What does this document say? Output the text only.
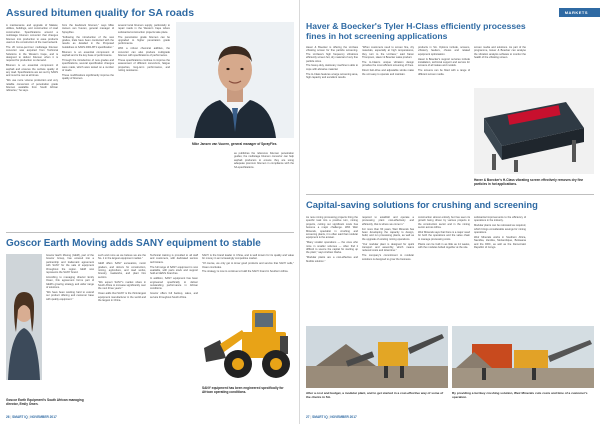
Assured bitumen quality for SA roads

A maintenance and upgrade of Malawi, utilities, buildings, and construction of road construction. Specifications around a multistage bitumen convertor that changes bitumen into production to ease products used on the construction of the road network.

The 20 tonne-per-hour multistage bitumen convertor was acquired from Technical Solutions in the Western Cape, and is designed to deliver bitumen when it is required for production on demand.

Bitumen is an essential component of asphalt and ensures the surface quality of any road. Specifications are set out by SANS and must be met at all times.

"We use more volume production and very reliable conversion of penetration grade bitumen available from South African refineries," he says.

from the feedstock bitumen," says Mike Jansen van Vuuren, general manager of SprayFlex.

"Following the introduction of the new grades, trials have been conducted with the results as detailed in the Proposed Guidelines to SANS 4001-BT1 specification."

Bitumen is an essential component of asphalt and is the key base of performance.

Through the introduction of new grades and specifications, several specification changes were made, which were tested on a number of roads.

These modifications significantly improve the quality of bitumen.

several local bitumen supply, particularly to repair roads in the Western Cape where substantial construction projects take place.

The penetration grade bitumen can be upgraded to higher penetration grade performance.

With a robust chemical additive, the convertor can also produce multigrade bitumen with specifications of performance.

These specifications continue to improve the assessment of different convertors, fatigue properties, long-term performance, and rutting resistance.

Mike Jansen van Vuuren, general manager of SprayFlex.

as publishes the reference bitumen penetration guides; the multistage bitumen convertor can help asphalt producers to ensure they are using adequate premium bitumen in compliance with the SA specifications.

Goscor Earth Moving adds SANY equipment to stable

Goscor Earth Moving (GEM), part of the Goscor Group, has entered into a partnership and trademark agreement with SANY for the sale of equipment throughout the region. GEM now represents the SANY brand.

According to managing director Emily Owen, this agreement forms part of GEM's growing strategy and wider range of solutions.

"We have been working hard to extend our product offering and customer base with quality equipment."

such and more as we believe we are the No. 1 in the largest equipment market."

GEM offers SANY excavators, motor graders, and dozers for construction, mining, agriculture, and road works, forestry, roadworks, and plant hire sectors.

"We expect SANY's market share in South Africa to increase significantly over the next three years."

Owen adds that SANY is the third-largest equipment manufacturer in the world and the largest in China.

Technical training is provided to all staff and customers, with dedicated service technicians.

The full range of SANY equipment is now available, with parts stock and support held at GEM's branches.

In addition, SANY equipment has been engineered specifically to deliver outstanding performance in African conditions.

Goscor offers full backup, sales, and service throughout South Africa.

SANY is the brand leader in China, and is well known for its quality and value for money in an increasingly competitive market.

"Of course, we only get to know good products and service that SANY sells," Owen concludes.

The strategy is now to continue to build the SANY brand in Southern Africa.

Goscor Earth Equipment's South African managing director, Emily Owen.
SANY equipment has been engineered specifically for African operating conditions.
26 | SMART IQ | NOVEMBER 2017
MARKETS
Haver & Boecker's Tyler H-Class efficiently processes
fines in hot screening applications

Haver & Boecker is offering the H-Class vibrating screen for fine particle screening. The H-Class's high frequency vibrations efficiently screen hot, dry material of very fine particle sizes.

The heavy-duty, stationary machine is able to cope with abrasive material.

The H-Class features a large screening area, high capacity and excellent results.

"When customers need to screen fine, dry materials, especially at high temperatures, they turn to the H-Class," said Karen Thompson, Haver & Boecker sales product.

The H-Class's unique vibration design provides the most efficient screening of fines.

Direct belt-drive and adjustable stroke make the unit easy to operate and maintain.

products in SA. Options include, screens, vibratory feeders, chutes and related equipment optimisation.

Haver & Boecker's support services include installation, technical support and service for screens of all makes and models.

The screens can be fitted with a range of different screen media.

screen media and solutions. As part of the programme, Haver & Boecker can analyse the vibration analysis software to monitor the health of the vibrating screen.

Haver & Boecker's H-Class vibrating screen effectively removes dry fine particles in hot applications.
Capital-saving solutions for crushing and screening

As new mining processing projects bring the specific task into a positive turn, mining projects, cutting out significant costs has become a major challenge. With Weir Minerals, specialist in crushing and screening plants, it is often said that modular equipment is the answer.

"Many smaller operations — the ones who mine in smaller volumes — often find it difficult to source the capital for starting up the plant," says Andrew Clarke.

"Modular plants are a cost-effective and flexible solution."

required to establish and operate a processing plant cost-effectively and efficiently, that is where we come in."

For more than 60 years, Weir Minerals has been developing the capacity to design, build, and run processing plants, as well as the upgrade of existing mining operations.

"Our modular plant is designed for quick transport and assembly, which means reduced costs and downtime."

The company's commitment to modular solutions is designed to grow the business.

construction almost entirely but has seen its growth being driven by various projects in the construction sector and in the mining sector across Africa.

Weir Minerals says that there is a major need for both the operations and the value chain to manage processing costs.

Plants can be built in as little as 14 weeks, with the modules bolted together at the site.

substantial improvements to the efficiency of operations in the industry.

Modular plants can be relocated as required, which brings considerable savings for mining operations.

Weir Minerals works in Southern Africa, Namibia, Zambia, Mozambique, Botswana and the DRC, as well as the Democratic Republic of Congo.

After a cost and budget, a modular plant, and to get started in a cost-effective way of some of the clients in SA.
By providing a turnkey crushing solution, Weir Minerals cuts costs and time of a customer's operation.
27 | SMART IQ | NOVEMBER 2017
